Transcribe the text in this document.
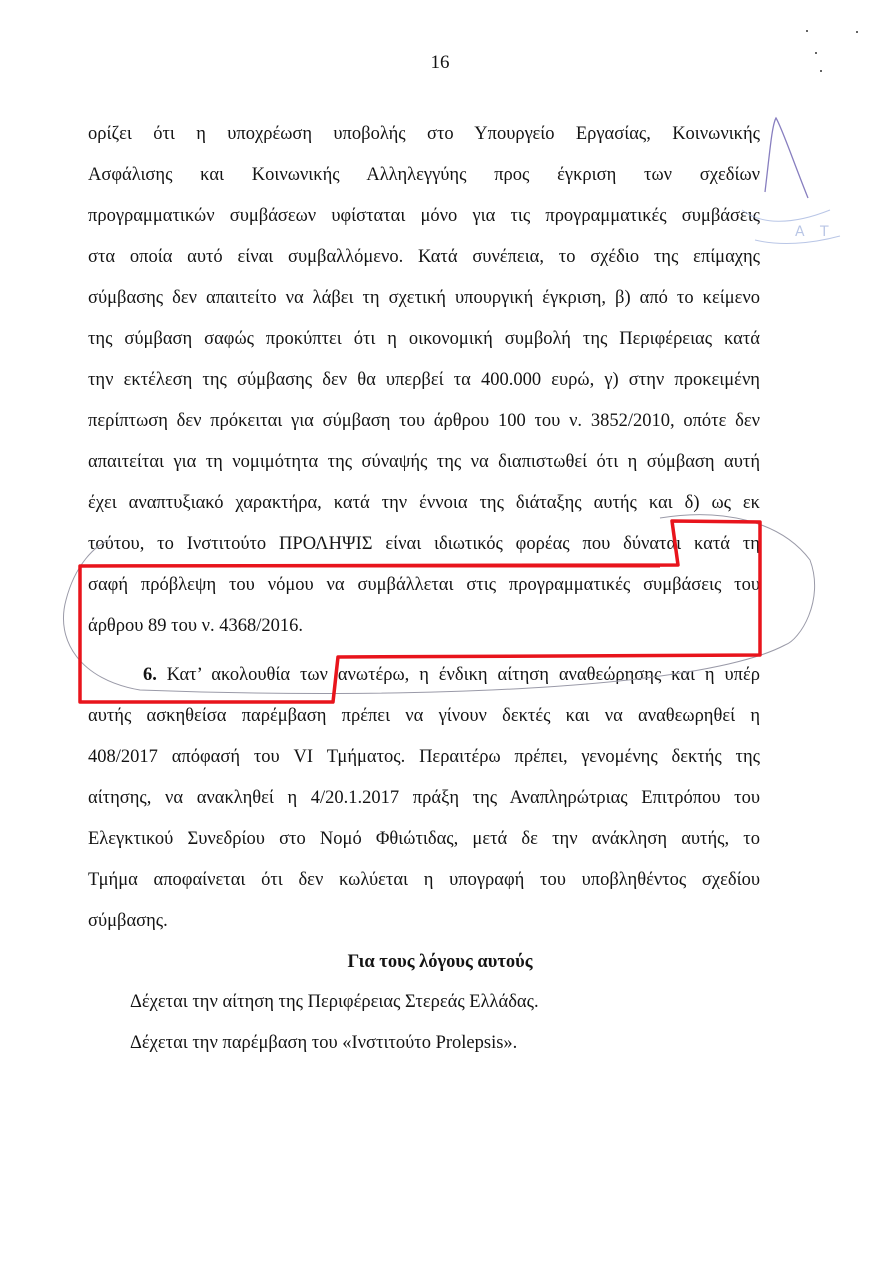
16
ορίζει ότι η υποχρέωση υποβολής στο Υπουργείο Εργασίας, Κοινωνικής
Ασφάλισης και Κοινωνικής Αλληλεγγύης προς έγκριση των σχεδίων
προγραμματικών συμβάσεων υφίσταται μόνο για τις προγραμματικές συμβάσεις
στα οποία αυτό είναι συμβαλλόμενο. Κατά συνέπεια, το σχέδιο της επίμαχης
σύμβασης δεν απαιτείτο να λάβει τη σχετική υπουργική έγκριση, β) από το κείμενο
της σύμβαση σαφώς προκύπτει ότι η οικονομική συμβολή της Περιφέρειας κατά
την εκτέλεση της σύμβασης δεν θα υπερβεί τα 400.000 ευρώ, γ) στην προκειμένη
περίπτωση δεν πρόκειται για σύμβαση του άρθρου 100 του ν. 3852/2010, οπότε δεν
απαιτείται για τη νομιμότητα της σύναψής της να διαπιστωθεί ότι η σύμβαση αυτή
έχει αναπτυξιακό χαρακτήρα, κατά την έννοια της διάταξης αυτής και δ) ως εκ
τούτου, το Ινστιτούτο ΠΡΟΛΗΨΙΣ είναι ιδιωτικός φορέας που δύναται κατά τη
σαφή πρόβλεψη του νόμου να συμβάλλεται στις προγραμματικές συμβάσεις του
άρθρου 89 του ν. 4368/2016.
6. Κατ’ ακολουθία των ανωτέρω, η ένδικη αίτηση αναθεώρησης και η υπέρ
αυτής ασκηθείσα παρέμβαση πρέπει να γίνουν δεκτές και να αναθεωρηθεί η
408/2017 απόφασή του VI Τμήματος. Περαιτέρω πρέπει, γενομένης δεκτής της
αίτησης, να ανακληθεί η 4/20.1.2017 πράξη της Αναπληρώτριας Επιτρόπου του
Ελεγκτικού Συνεδρίου στο Νομό Φθιώτιδας, μετά δε την ανάκληση αυτής, το
Τμήμα αποφαίνεται ότι δεν κωλύεται η υπογραφή του υποβληθέντος σχεδίου
σύμβασης.
Για τους λόγους αυτούς
Δέχεται την αίτηση της Περιφέρειας Στερεάς Ελλάδας.
Δέχεται την παρέμβαση του «Ινστιτούτο Prolepsis».
A T
